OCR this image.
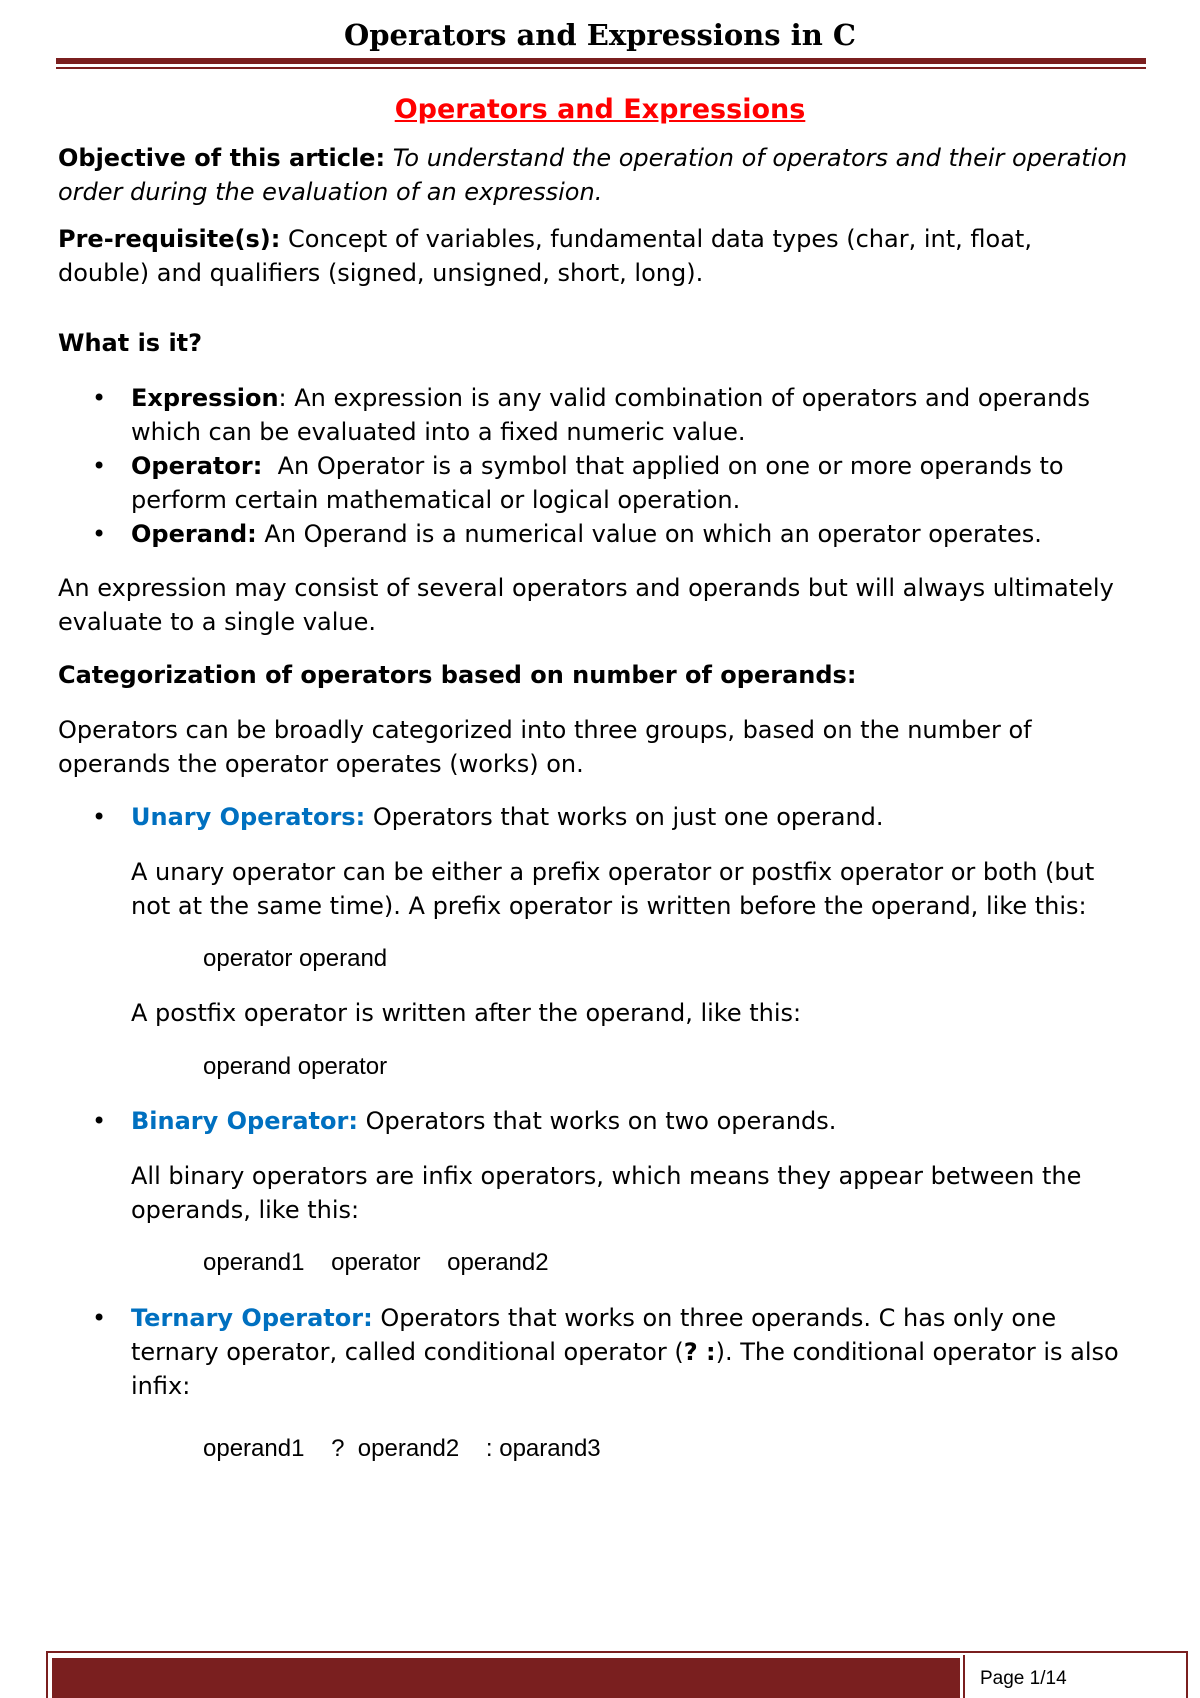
Operators and Expressions in C
Operators and Expressions
Objective of this article: To understand the operation of operators and their operation
order during the evaluation of an expression.
Pre-requisite(s): Concept of variables, fundamental data types (char, int, float,
double) and qualifiers (signed, unsigned, short, long).
What is it?
• Expression: An expression is any valid combination of operators and operands
which can be evaluated into a fixed numeric value.
• Operator: An Operator is a symbol that applied on one or more operands to
perform certain mathematical or logical operation.
• Operand: An Operand is a numerical value on which an operator operates.
An expression may consist of several operators and operands but will always ultimately
evaluate to a single value.
Categorization of operators based on number of operands:
Operators can be broadly categorized into three groups, based on the number of
operands the operator operates (works) on.
• Unary Operators: Operators that works on just one operand.
A unary operator can be either a prefix operator or postfix operator or both (but
not at the same time). A prefix operator is written before the operand, like this:
operator operand
A postfix operator is written after the operand, like this:
operand operator
• Binary Operator: Operators that works on two operands.
All binary operators are infix operators, which means they appear between the
operands, like this:
operand1    operator    operand2
• Ternary Operator: Operators that works on three operands. C has only one
ternary operator, called conditional operator (? :). The conditional operator is also
infix:
operand1    ?  operand2    : oparand3
Page 1/14
